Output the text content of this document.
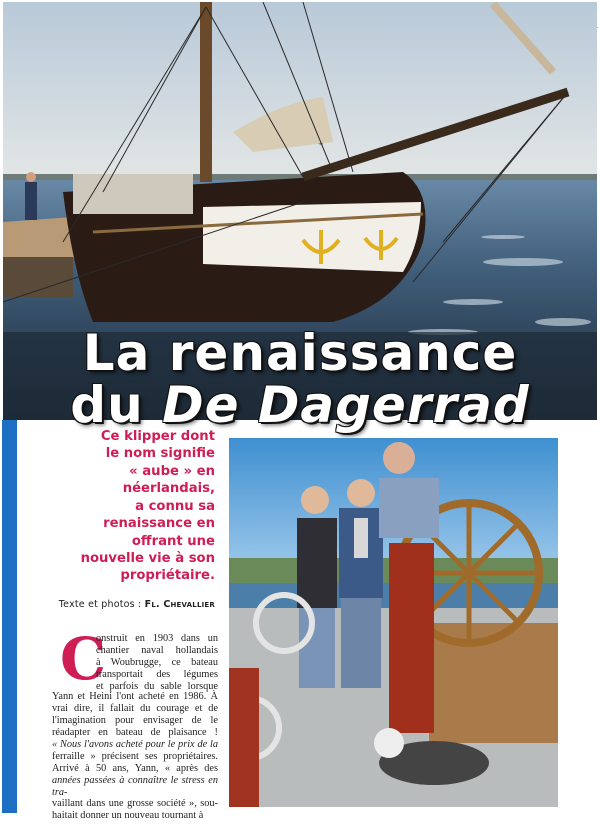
La renaissance
du De Dagerrad
Ce klipper dont
le nom signifie
« aube » en
néerlandais,
a connu sa
renaissance en
offrant une
nouvelle vie à son
propriétaire.
Texte et photos : Fl. Chevallier
C
onstruit en 1903 dans un
chantier naval hollandais
à Woubrugge, ce bateau
transportait des légumes
et parfois du sable lorsque
Yann et Heini l'ont acheté en 1986. À
vrai dire, il fallait du courage et de
l'imagination pour envisager de le
réadapter en bateau de plaisance !
« Nous l'avons acheté pour le prix de la
ferraille » précisent ses propriétaires.
Arrivé à 50 ans, Yann, « après des
années passées à connaître le stress en tra-
vaillant dans une grosse société », sou-
haitait donner un nouveau tournant à
